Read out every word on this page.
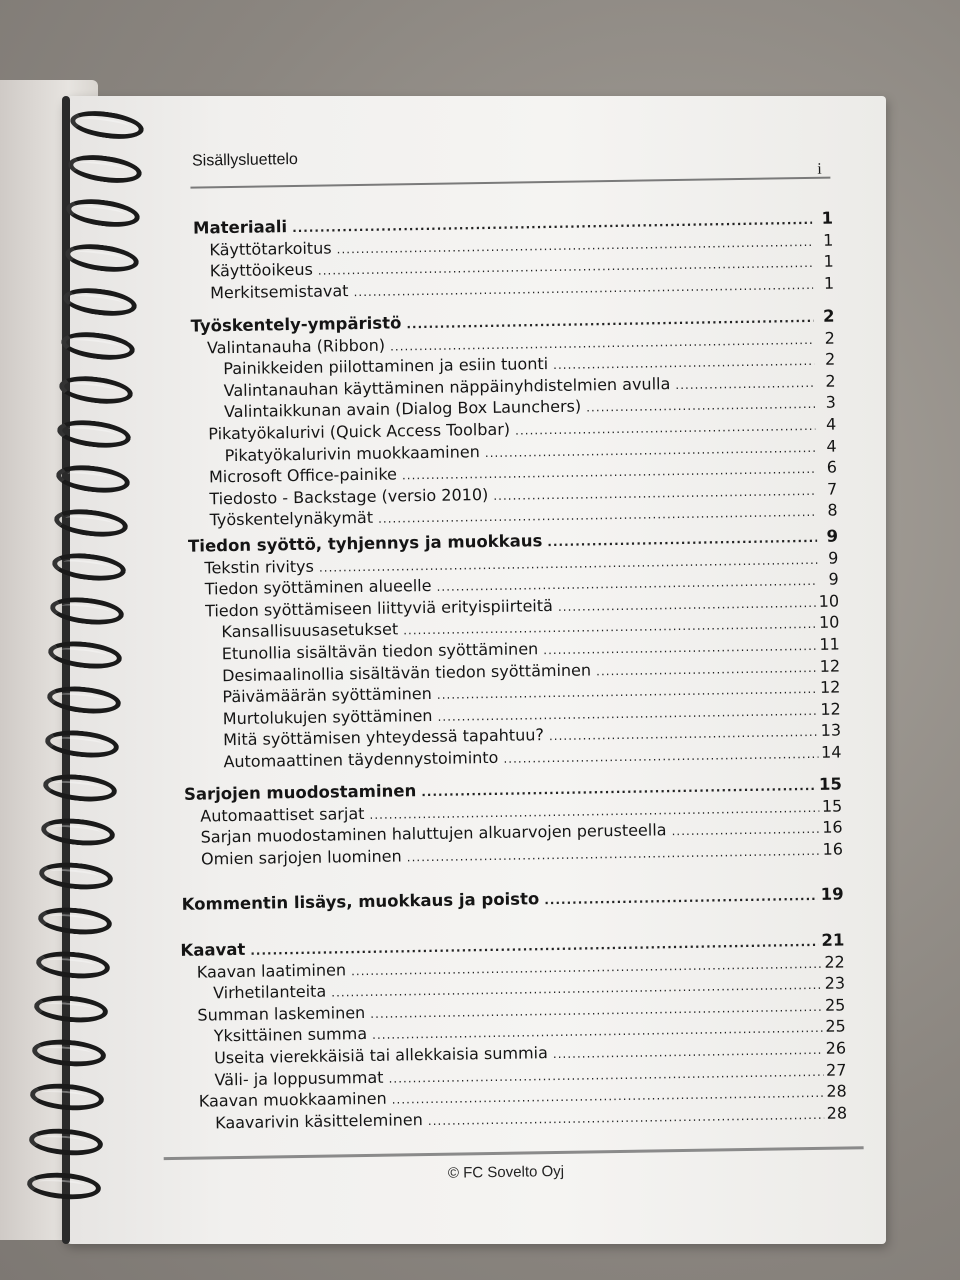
Sisällysluettelo	i
Materiaali .....	1
Käyttötarkoitus .....	1
Käyttöoikeus .....	1
Merkitsemistavat .....	1
Työskentely-ympäristö .....	2
Valintanauha (Ribbon) .....	2
Painikkeiden piilottaminen ja esiin tuonti .....	2
Valintanauhan käyttäminen näppäinyhdistelmien avulla .....	2
Valintaikkunan avain (Dialog Box Launchers) .....	3
Pikatyökalurivi (Quick Access Toolbar) .....	4
Pikatyökalurivin muokkaaminen .....	4
Microsoft Office-painike .....	6
Tiedosto - Backstage (versio 2010) .....	7
Työskentelynäkymät .....	8
Tiedon syöttö, tyhjennys ja muokkaus .....	9
Tekstin rivitys .....	9
Tiedon syöttäminen alueelle .....	9
Tiedon syöttämiseen liittyviä erityispiirteitä .....	10
Kansallisuusasetukset .....	10
Etunollia sisältävän tiedon syöttäminen .....	11
Desimaalinollia sisältävän tiedon syöttäminen .....	12
Päivämäärän syöttäminen .....	12
Murtolukujen syöttäminen .....	12
Mitä syöttämisen yhteydessä tapahtuu? .....	13
Automaattinen täydennystoiminto .....	14
Sarjojen muodostaminen .....	15
Automaattiset sarjat .....	15
Sarjan muodostaminen haluttujen alkuarvojen perusteella .....	16
Omien sarjojen luominen .....	16
Kommentin lisäys, muokkaus ja poisto .....	19
Kaavat .....	21
Kaavan laatiminen .....	22
Virhetilanteita .....	23
Summan laskeminen .....	25
Yksittäinen summa .....	25
Useita vierekkäisiä tai allekkaisia summia .....	26
Väli- ja loppusummat .....	27
Kaavan muokkaaminen .....	28
Kaavarivin käsitteleminen .....	28
© FC Sovelto Oyj
